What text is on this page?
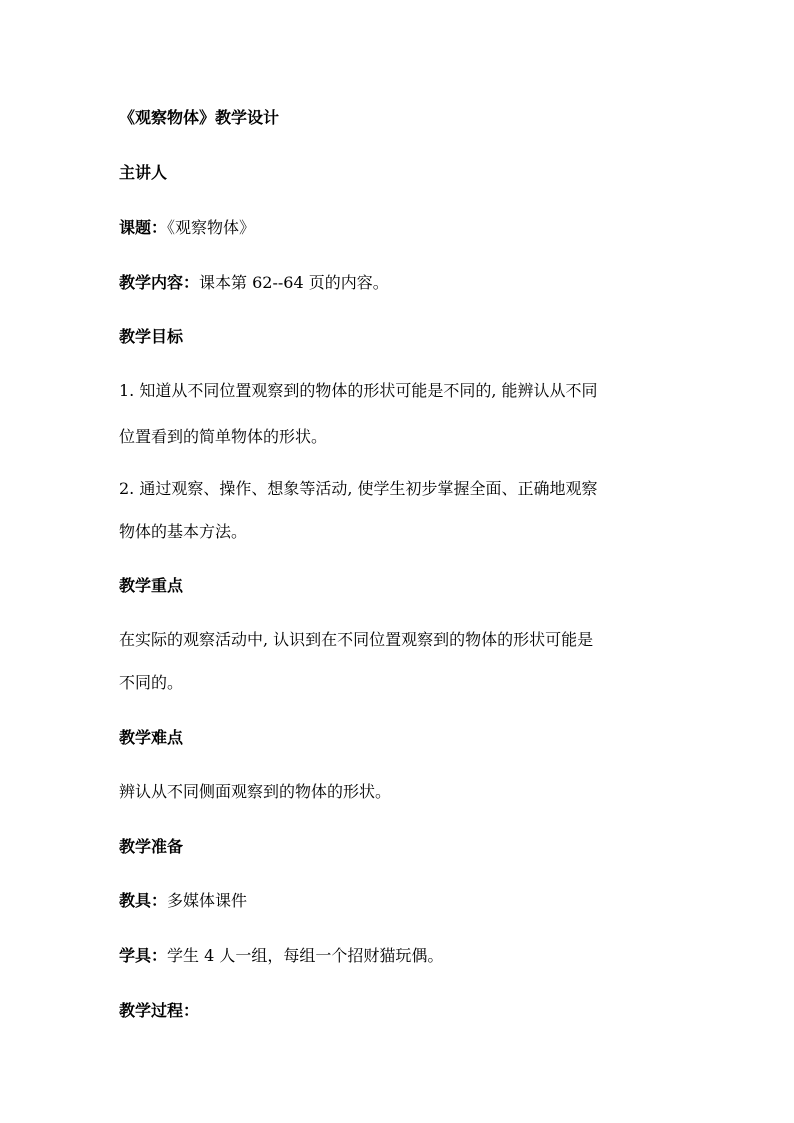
《观察物体》教学设计
主讲人
课题：《观察物体》
教学内容：课本第 62--64 页的内容。
教学目标
1. 知道从不同位置观察到的物体的形状可能是不同的, 能辨认从不同
位置看到的简单物体的形状。
2. 通过观察、操作、想象等活动, 使学生初步掌握全面、正确地观察
物体的基本方法。
教学重点
在实际的观察活动中, 认识到在不同位置观察到的物体的形状可能是
不同的。
教学难点
辨认从不同侧面观察到的物体的形状。
教学准备
教具：多媒体课件
学具：学生 4 人一组，每组一个招财猫玩偶。
教学过程：
